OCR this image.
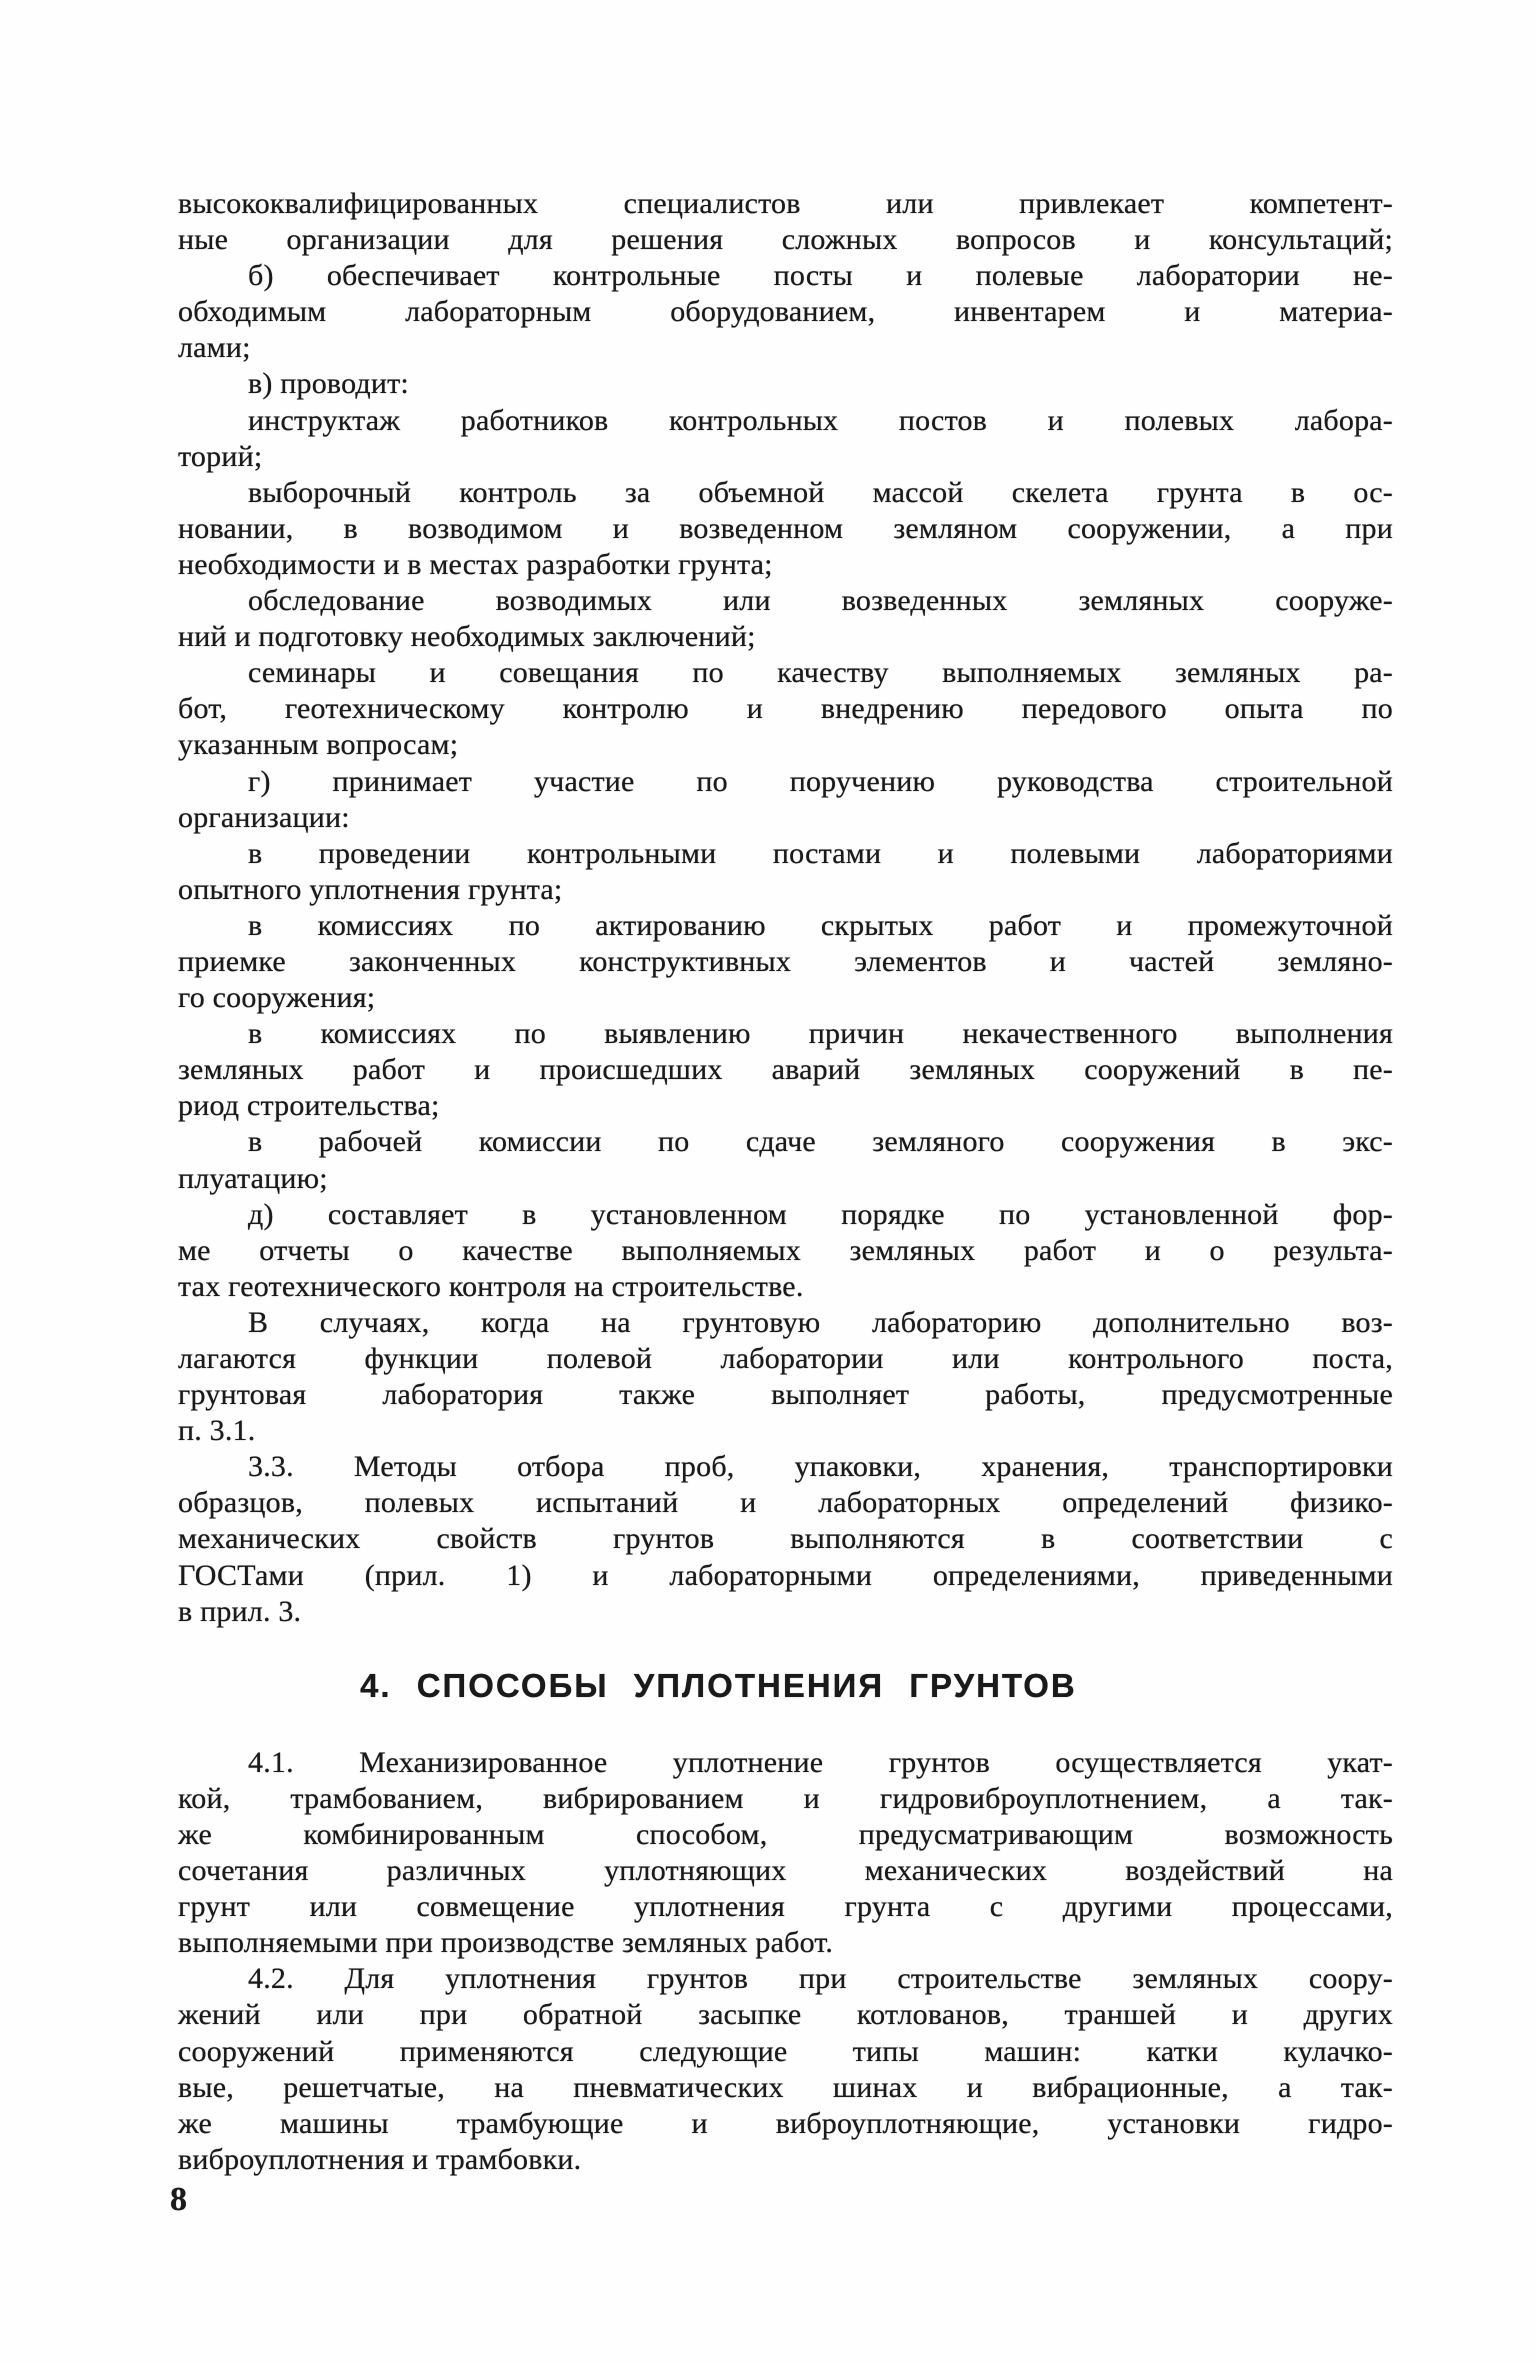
высококвалифицированных специалистов или привлекает компетент-

ные организации для решения сложных вопросов и консультаций;

б) обеспечивает контрольные посты и полевые лаборатории не-

обходимым лабораторным оборудованием, инвентарем и материа-

лами;

в) проводит:

инструктаж работников контрольных постов и полевых лабора-

торий;

выборочный контроль за объемной массой скелета грунта в ос-

новании, в возводимом и возведенном земляном сооружении, а при

необходимости и в местах разработки грунта;

обследование возводимых или возведенных земляных сооруже-

ний и подготовку необходимых заключений;

семинары и совещания по качеству выполняемых земляных ра-

бот, геотехническому контролю и внедрению передового опыта по

указанным вопросам;

г) принимает участие по поручению руководства строительной

организации:

в проведении контрольными постами и полевыми лабораториями

опытного уплотнения грунта;

в комиссиях по актированию скрытых работ и промежуточной

приемке законченных конструктивных элементов и частей земляно-

го сооружения;

в комиссиях по выявлению причин некачественного выполнения

земляных работ и происшедших аварий земляных сооружений в пе-

риод строительства;

в рабочей комиссии по сдаче земляного сооружения в экс-

плуатацию;

д) составляет в установленном порядке по установленной фор-

ме отчеты о качестве выполняемых земляных работ и о результа-

тах геотехнического контроля на строительстве.

В случаях, когда на грунтовую лабораторию дополнительно воз-

лагаются функции полевой лаборатории или контрольного поста,

грунтовая лаборатория также выполняет работы, предусмотренные

п. 3.1.

3.3. Методы отбора проб, упаковки, хранения, транспортировки

образцов, полевых испытаний и лабораторных определений физико-

механических свойств грунтов выполняются в соответствии с

ГОСТами (прил. 1) и лабораторными определениями, приведенными

в прил. 3.

4. СПОСОБЫ УПЛОТНЕНИЯ ГРУНТОВ

4.1. Механизированное уплотнение грунтов осуществляется укат-

кой, трамбованием, вибрированием и гидровиброуплотнением, а так-

же комбинированным способом, предусматривающим возможность

сочетания различных уплотняющих механических воздействий на

грунт или совмещение уплотнения грунта с другими процессами,

выполняемыми при производстве земляных работ.

4.2. Для уплотнения грунтов при строительстве земляных соору-

жений или при обратной засыпке котлованов, траншей и других

сооружений применяются следующие типы машин: катки кулачко-

вые, решетчатые, на пневматических шинах и вибрационные, а так-

же машины трамбующие и виброуплотняющие, установки гидро-

виброуплотнения и трамбовки.

8
